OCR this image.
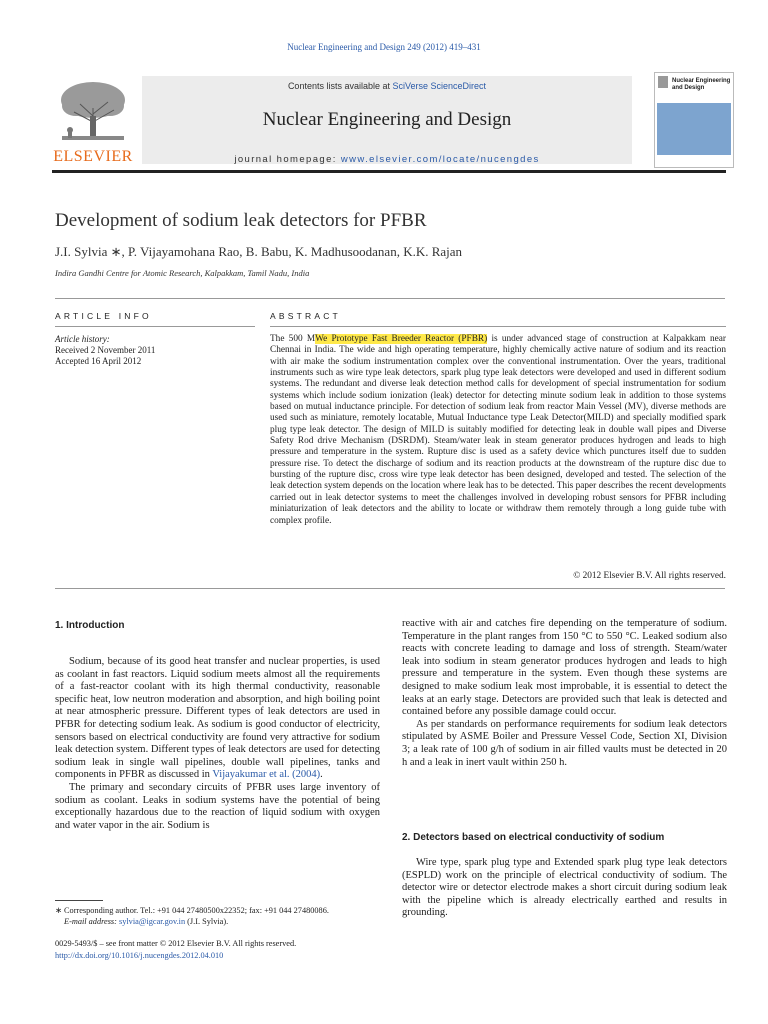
Nuclear Engineering and Design 249 (2012) 419–431
ELSEVIER
Contents lists available at SciVerse ScienceDirect
Nuclear Engineering and Design
journal homepage: www.elsevier.com/locate/nucengdes
Nuclear Engineering
and Design
Development of sodium leak detectors for PFBR
J.I. Sylvia ∗, P. Vijayamohana Rao, B. Babu, K. Madhusoodanan, K.K. Rajan
Indira Gandhi Centre for Atomic Research, Kalpakkam, Tamil Nadu, India
ARTICLE INFO	ABSTRACT
Article history:
Received 2 November 2011
Accepted 16 April 2012
The 500 MWe Prototype Fast Breeder Reactor (PFBR) is under advanced stage of construction at Kalpakkam near Chennai in India. The wide and high operating temperature, highly chemically active nature of sodium and its reaction with air make the sodium instrumentation complex over the conventional instrumentation. Over the years, traditional instruments such as wire type leak detectors, spark plug type leak detectors were developed and used in different sodium systems. The redundant and diverse leak detection method calls for development of special instrumentation for sodium systems which include sodium ionization (leak) detector for detecting minute sodium leak in addition to those systems based on mutual inductance principle. For detection of sodium leak from reactor Main Vessel (MV), diverse methods are used such as miniature, remotely locatable, Mutual Inductance type Leak Detector(MILD) and specially modified spark plug type leak detector. The design of MILD is suitably modified for detecting leak in double wall pipes and Diverse Safety Rod drive Mechanism (DSRDM). Steam/water leak in steam generator produces hydrogen and leads to high pressure and temperature in the system. Rupture disc is used as a safety device which punctures itself due to sudden pressure rise. To detect the discharge of sodium and its reaction products at the downstream of the rupture disc due to bursting of the rupture disc, cross wire type leak detector has been designed, developed and tested. The selection of the leak detection system depends on the location where leak has to be detected. This paper describes the recent developments carried out in leak detector systems to meet the challenges involved in developing robust sensors for PFBR including miniaturization of leak detectors and the ability to locate or withdraw them remotely through a long guide tube with complex profile.
© 2012 Elsevier B.V. All rights reserved.
1. Introduction

Sodium, because of its good heat transfer and nuclear properties, is used as coolant in fast reactors. Liquid sodium meets almost all the requirements of a fast-reactor coolant with its high thermal conductivity, reasonable specific heat, low neutron moderation and absorption, and high boiling point at near atmospheric pressure. Different types of leak detectors are used in PFBR for detecting sodium leak. As sodium is good conductor of electricity, sensors based on electrical conductivity are found very attractive for sodium leak detection system. Different types of leak detectors are used for detecting sodium leak in single wall pipelines, double wall pipelines, tanks and components in PFBR as discussed in Vijayakumar et al. (2004).

The primary and secondary circuits of PFBR uses large inventory of sodium as coolant. Leaks in sodium systems have the potential of being exceptionally hazardous due to the reaction of liquid sodium with oxygen and water vapor in the air. Sodium is

reactive with air and catches fire depending on the temperature of sodium. Temperature in the plant ranges from 150 °C to 550 °C. Leaked sodium also reacts with concrete leading to damage and loss of strength. Steam/water leak into sodium in steam generator produces hydrogen and leads to high pressure and temperature in the system. Even though these systems are designed to make sodium leak most improbable, it is essential to detect the leaks at an early stage. Detectors are provided such that leak is detected and contained before any possible damage could occur.

As per standards on performance requirements for sodium leak detectors stipulated by ASME Boiler and Pressure Vessel Code, Section XI, Division 3; a leak rate of 100 g/h of sodium in air filled vaults must be detected in 20 h and a leak in inert vault within 250 h.

2. Detectors based on electrical conductivity of sodium

Wire type, spark plug type and Extended spark plug type leak detectors (ESPLD) work on the principle of electrical conductivity of sodium. The detector wire or detector electrode makes a short circuit during sodium leak with the pipeline which is already electrically earthed and results in grounding.

∗ Corresponding author. Tel.: +91 044 27480500x22352; fax: +91 044 27480086.
E-mail address: sylvia@igcar.gov.in (J.I. Sylvia).
0029-5493/$ – see front matter © 2012 Elsevier B.V. All rights reserved.
http://dx.doi.org/10.1016/j.nucengdes.2012.04.010
